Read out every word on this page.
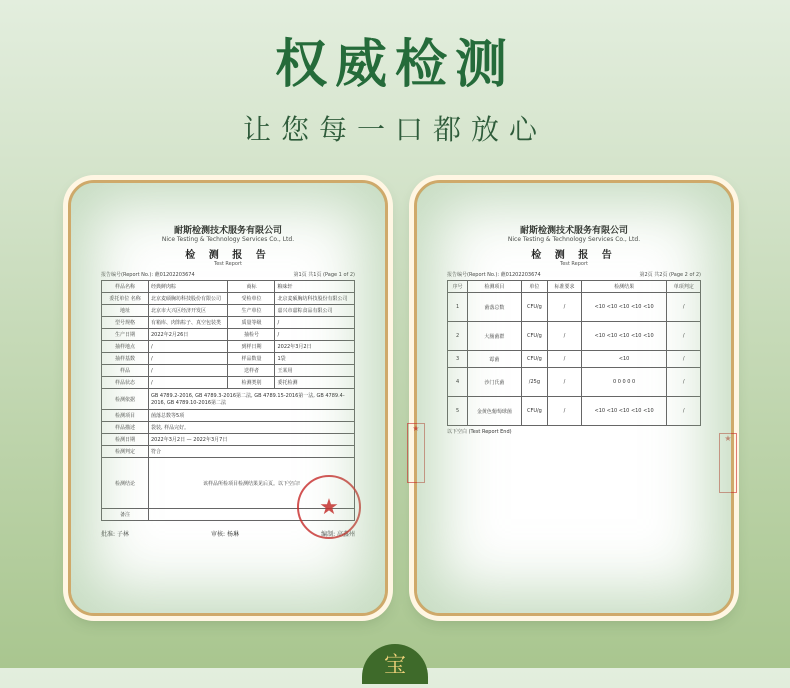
权威检测
让您每一口都放心
耐斯检测技术服务有限公司
Nice Testing & Technology Services Co., Ltd.
检 测 报 告
Test Report
报告编号(Report No.): 蘸01202203674	第1页 共1页 (Page 1 of 2)
样品名称	经典鲜肉粽	商标	粮味轩
委托单位 名称	北京麦硕胸坊科技股份有限公司	受检单位	北京麦硕胸坊科技股份有限公司
地址	北京市大兴区经济开发区	生产单位	嘉兴市嘉粽食品有限公司
型号规格	有箱库、肉馅粽子、真空包装类	质量等级	/
生产日期	2022年2月26日	抽检号	/
抽样地点	/	到样日期	2022年3月2日
抽样基数	/	样品数量	1袋
样品	/	送样者	王某用
样品状态	/	检测类别	委托检测
检测依据	GB 4789.2-2016, GB 4789.3-2016第二法, GB 4789.15-2016第一法, GB 4789.4-2016, GB 4789.10-2016第二法		
检测项目	菌落总数等5项		
样品描述	袋装, 样品完好。		
检测日期	2022年3月2日 — 2022年3月7日		
检测判定	符合		
检测结论	该样品所检项目检测结果见后页。以下空白!		
备注			
批准: 子林	审核: 杨琳	编制: 高鑫州
★
耐斯检测技术服务有限公司
Nice Testing & Technology Services Co., Ltd.
检 测 报 告
Test Report
报告编号(Report No.): 蘸01202203674	第2页 共2页 (Page 2 of 2)
序号	检测项目	单位	标准要求	检测结果	单项判定
1	菌落总数	CFU/g	/	<10 <10 <10 <10 <10	/
2	大肠菌群	CFU/g	/	<10 <10 <10 <10 <10	/
3	霉菌	CFU/g	/	<10	/
4	沙门氏菌	/25g	/	0 0 0 0 0	/
5	金黄色葡萄球菌	CFU/g	/	<10 <10 <10 <10 <10	/
以下空白 (Test Report End)
★
★
宝
